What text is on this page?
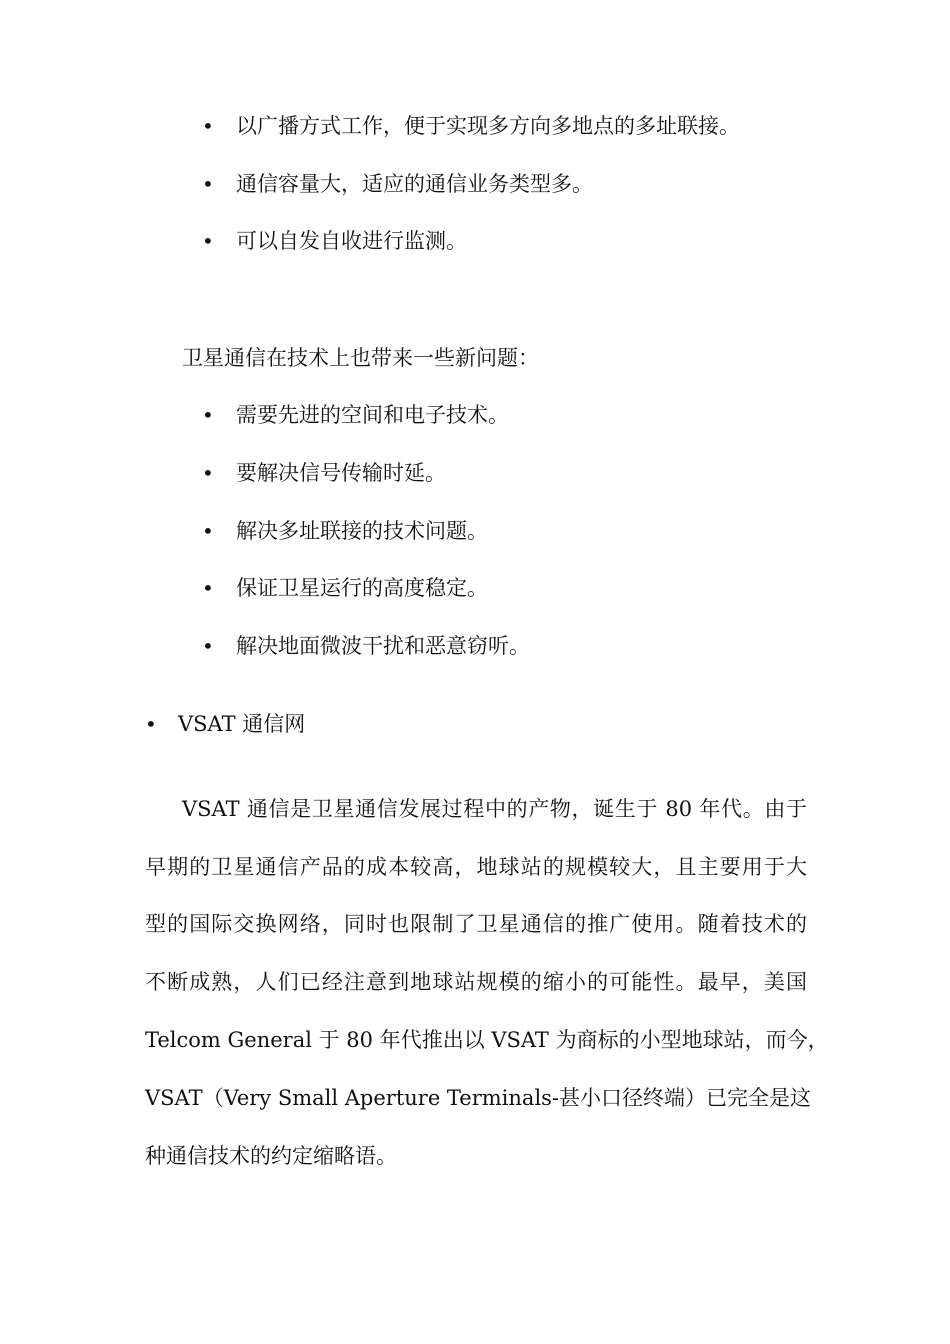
• 以广播方式工作，便于实现多方向多地点的多址联接。
• 通信容量大，适应的通信业务类型多。
• 可以自发自收进行监测。
卫星通信在技术上也带来一些新问题：
• 需要先进的空间和电子技术。
• 要解决信号传输时延。
• 解决多址联接的技术问题。
• 保证卫星运行的高度稳定。
• 解决地面微波干扰和恶意窃听。
• VSAT 通信网
VSAT 通信是卫星通信发展过程中的产物，诞生于 80 年代。由于
早期的卫星通信产品的成本较高，地球站的规模较大，且主要用于大
型的国际交换网络，同时也限制了卫星通信的推广使用。随着技术的
不断成熟，人们已经注意到地球站规模的缩小的可能性。最早，美国
Telcom General 于 80 年代推出以 VSAT 为商标的小型地球站，而今，
VSAT（Very Small Aperture Terminals-甚小口径终端）已完全是这
种通信技术的约定缩略语。
